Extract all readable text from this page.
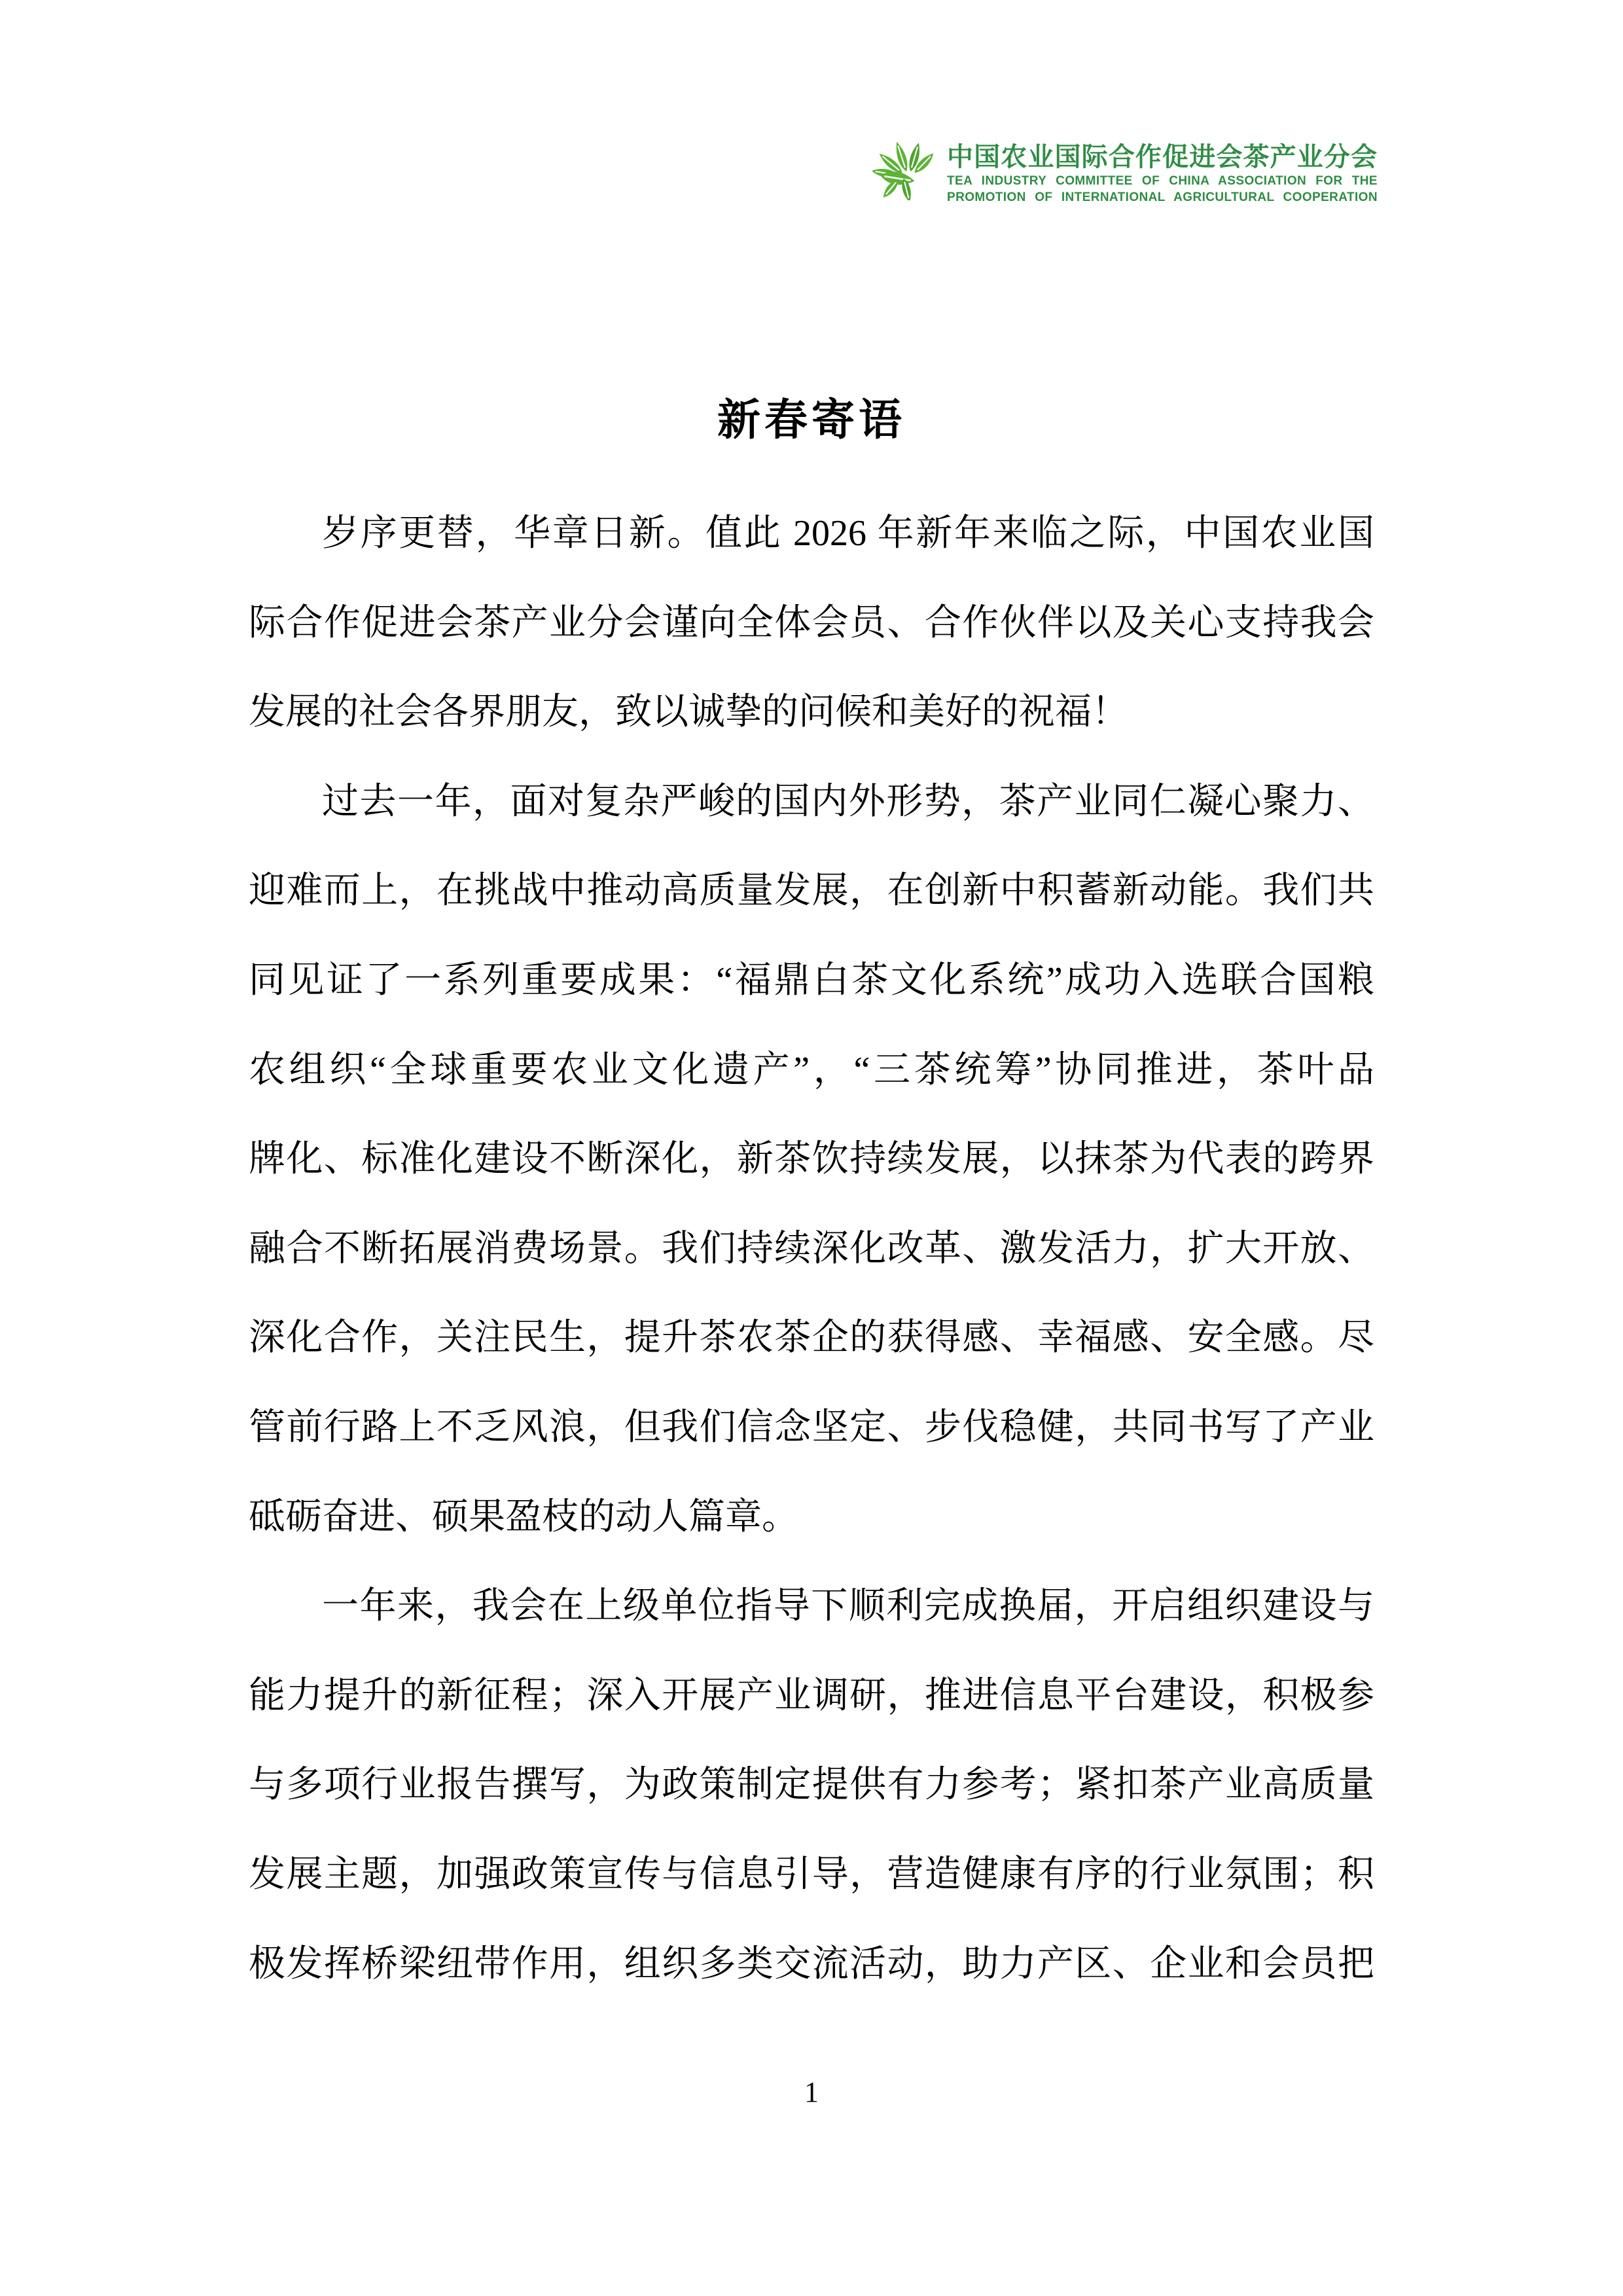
中国农业国际合作促进会茶产业分会
TEA INDUSTRY COMMITTEE OF CHINA ASSOCIATION FOR THE
PROMOTION OF INTERNATIONAL AGRICULTURAL COOPERATION
新春寄语
岁序更替，华章日新。值此 2026 年新年来临之际，中国农业国
际合作促进会茶产业分会谨向全体会员、合作伙伴以及关心支持我会
发展的社会各界朋友，致以诚挚的问候和美好的祝福！
过去一年，面对复杂严峻的国内外形势，茶产业同仁凝心聚力、
迎难而上，在挑战中推动高质量发展，在创新中积蓄新动能。我们共
同见证了一系列重要成果：“福鼎白茶文化系统”成功入选联合国粮
农组织“全球重要农业文化遗产”，“三茶统筹”协同推进，茶叶品
牌化、标准化建设不断深化，新茶饮持续发展，以抹茶为代表的跨界
融合不断拓展消费场景。我们持续深化改革、激发活力，扩大开放、
深化合作，关注民生，提升茶农茶企的获得感、幸福感、安全感。尽
管前行路上不乏风浪，但我们信念坚定、步伐稳健，共同书写了产业
砥砺奋进、硕果盈枝的动人篇章。
一年来，我会在上级单位指导下顺利完成换届，开启组织建设与
能力提升的新征程；深入开展产业调研，推进信息平台建设，积极参
与多项行业报告撰写，为政策制定提供有力参考；紧扣茶产业高质量
发展主题，加强政策宣传与信息引导，营造健康有序的行业氛围；积
极发挥桥梁纽带作用，组织多类交流活动，助力产区、企业和会员把
1
